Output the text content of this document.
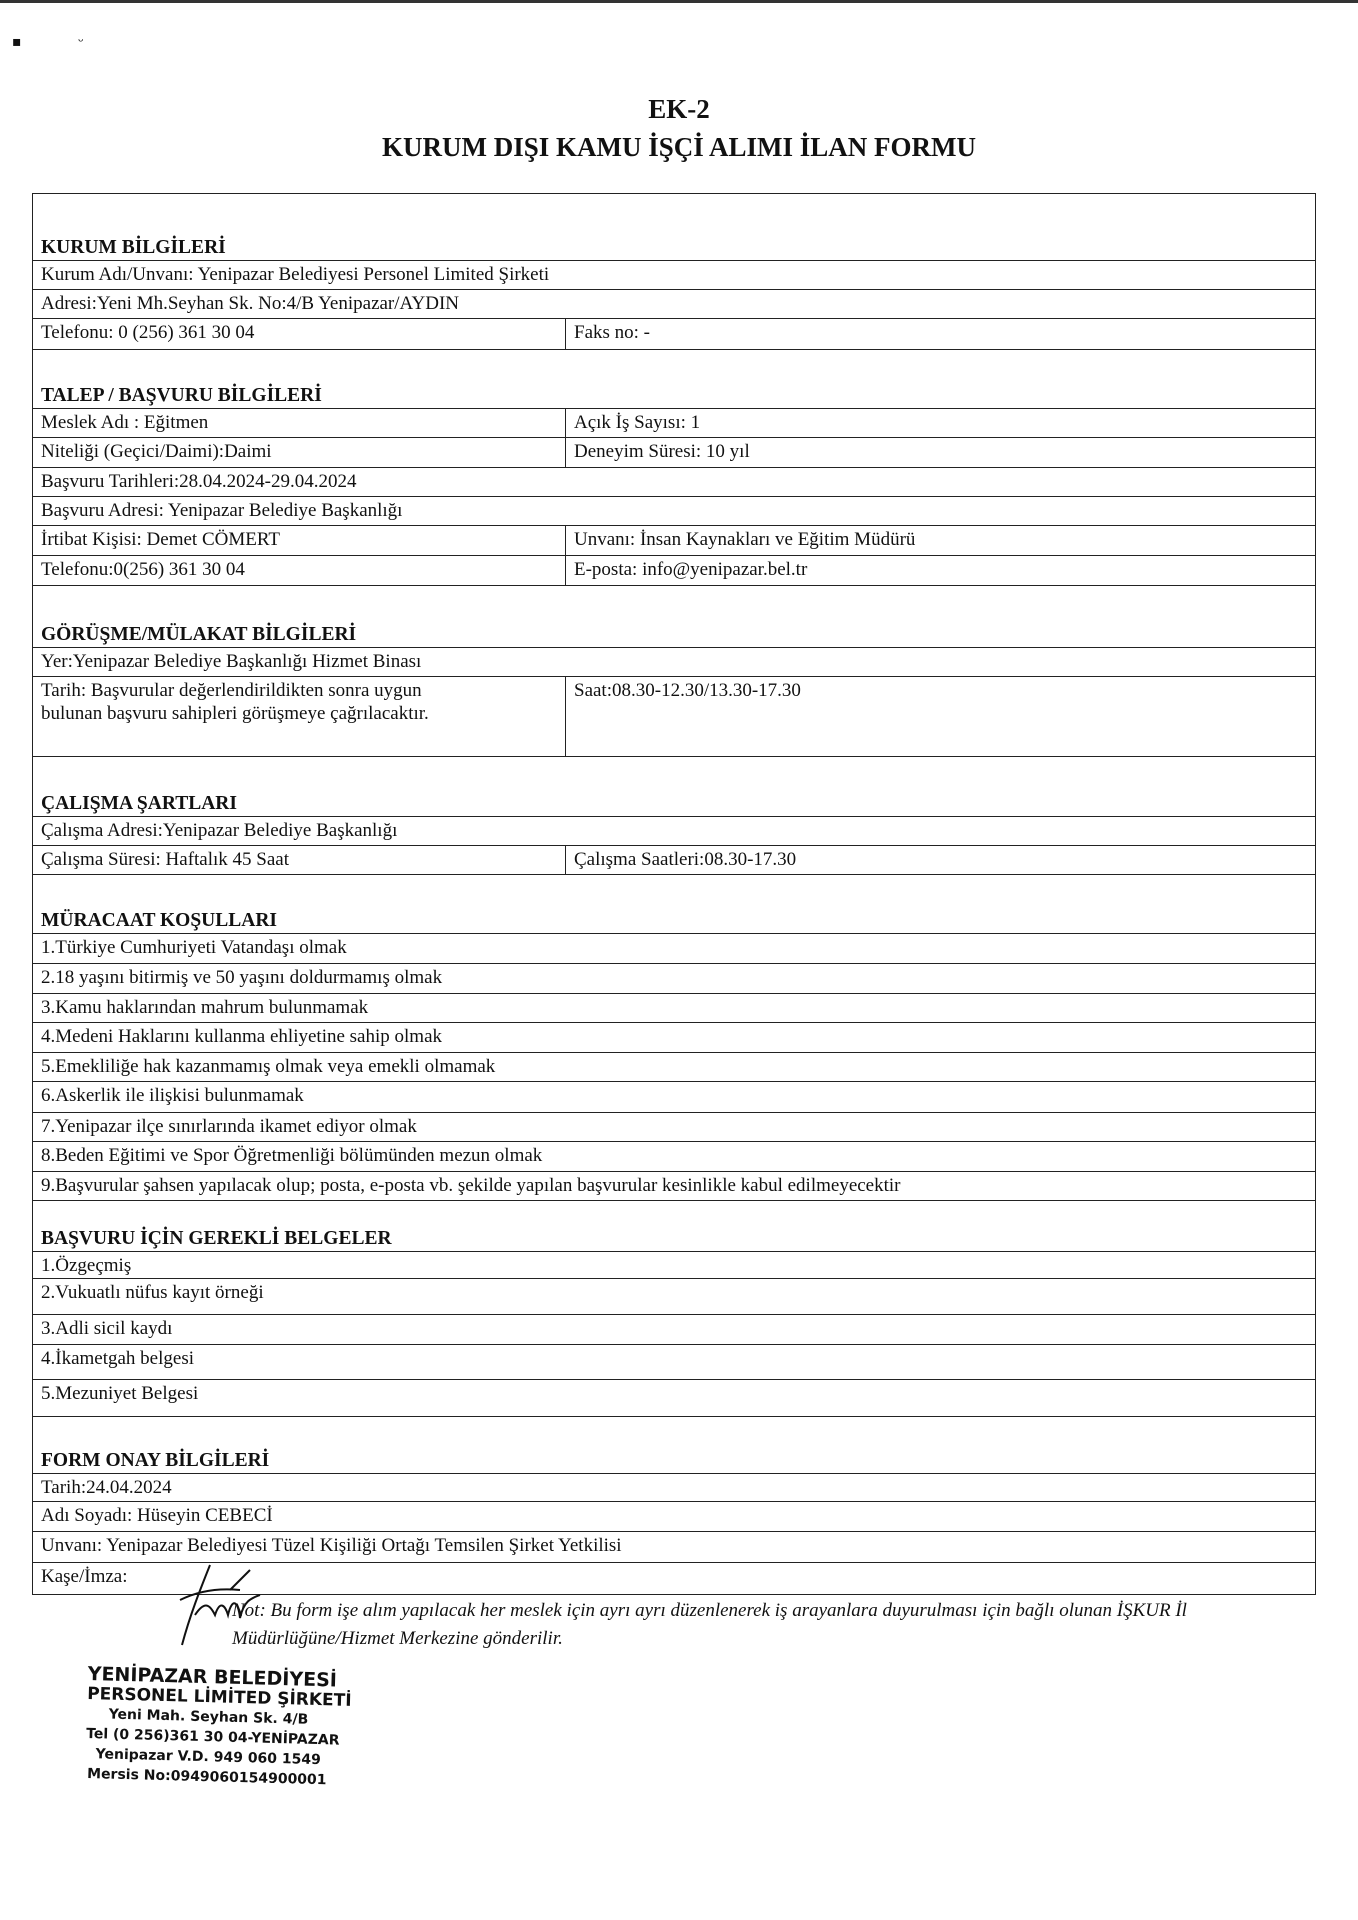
▪	ᵕ
EK-2
KURUM DIŞI KAMU İŞÇİ ALIMI İLAN FORMU
KURUM BİLGİLERİ
Kurum Adı/Unvanı: Yenipazar Belediyesi Personel Limited Şirketi
Adresi:Yeni Mh.Seyhan Sk. No:4/B Yenipazar/AYDIN
Telefonu: 0 (256) 361 30 04	Faks no: -
TALEP / BAŞVURU BİLGİLERİ
Meslek Adı : Eğitmen	Açık İş Sayısı: 1
Niteliği (Geçici/Daimi):Daimi	Deneyim Süresi: 10 yıl
Başvuru Tarihleri:28.04.2024-29.04.2024
Başvuru Adresi: Yenipazar Belediye Başkanlığı
İrtibat Kişisi: Demet CÖMERT	Unvanı: İnsan Kaynakları ve Eğitim Müdürü
Telefonu:0(256) 361 30 04	E-posta: info@yenipazar.bel.tr
GÖRÜŞME/MÜLAKAT BİLGİLERİ
Yer:Yenipazar Belediye Başkanlığı Hizmet Binası
Tarih: Başvurular değerlendirildikten sonra uygun bulunan başvuru sahipleri görüşmeye çağrılacaktır.
Saat:08.30-12.30/13.30-17.30
ÇALIŞMA ŞARTLARI
Çalışma Adresi:Yenipazar Belediye Başkanlığı
Çalışma Süresi: Haftalık 45 Saat	Çalışma Saatleri:08.30-17.30
MÜRACAAT KOŞULLARI
1.Türkiye Cumhuriyeti Vatandaşı olmak
2.18 yaşını bitirmiş ve 50 yaşını doldurmamış olmak
3.Kamu haklarından mahrum bulunmamak
4.Medeni Haklarını kullanma ehliyetine sahip olmak
5.Emekliliğe hak kazanmamış olmak veya emekli olmamak
6.Askerlik ile ilişkisi bulunmamak
7.Yenipazar ilçe sınırlarında ikamet ediyor olmak
8.Beden Eğitimi ve Spor Öğretmenliği bölümünden mezun olmak
9.Başvurular şahsen yapılacak olup; posta, e-posta vb. şekilde yapılan başvurular kesinlikle kabul edilmeyecektir
BAŞVURU İÇİN GEREKLİ BELGELER
1.Özgeçmiş
2.Vukuatlı nüfus kayıt örneği
3.Adli sicil kaydı
4.İkametgah belgesi
5.Mezuniyet Belgesi
FORM ONAY BİLGİLERİ
Tarih:24.04.2024
Adı Soyadı: Hüseyin CEBECİ
Unvanı: Yenipazar Belediyesi Tüzel Kişiliği Ortağı Temsilen Şirket Yetkilisi
Kaşe/İmza:
Not: Bu form işe alım yapılacak her meslek için ayrı ayrı düzenlenerek iş arayanlara duyurulması için bağlı olunan İŞKUR İl Müdürlüğüne/Hizmet Merkezine gönderilir.
YENİPAZAR BELEDİYESİ
PERSONEL LİMİTED ŞİRKETİ
Yeni Mah. Seyhan Sk. 4/B
Tel (0 256)361 30 04-YENİPAZAR
Yenipazar V.D. 949 060 1549
Mersis No:0949060154900001
